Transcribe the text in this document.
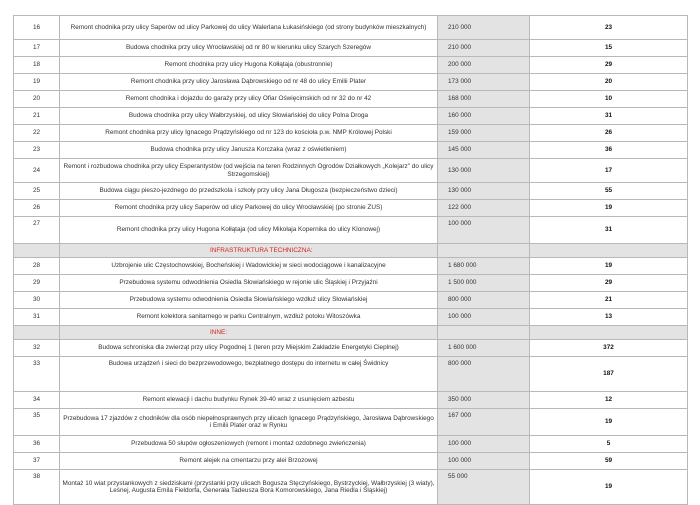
16	Remont chodnika przy ulicy Saperów od ulicy Parkowej do ulicy Walerlana Łukasińskiego (od strony budynków mieszkalnych)	210 000	23
17	Budowa chodnika przy ulicy Wrocławskiej od nr 80 w kierunku ulicy Szarych Szeregów	210 000	15
18	Remont chodnika przy ulicy Hugona Kołłątaja (obustronnie)	200 000	29
19	Remont chodnika przy ulicy Jarosława Dąbrowskiego od nr 48 do ulicy Emilii Plater	173 000	20
20	Remont chodnika i dojazdu do garaży przy ulicy Ofiar Oświęcimskich od nr 32 do nr 42	168 000	10
21	Budowa chodnika przy ulicy Wałbrzyskiej, od ulicy Słowiańskiej do ulicy Polna Droga	160 000	31
22	Remont chodnika przy ulicy Ignacego Prądzyńskiego od nr 123 do kościoła p.w. NMP Królowej Polski	159 000	26
23	Budowa chodnika przy ulicy Janusza Korczaka (wraz z oświetleniem)	145 000	36
24	Remont i rozbudowa chodnika przy ulicy Esperantystów (od wejścia na teren Rodzinnych Ogrodów Działkowych „Kolejarz" do ulicy Strzegomskiej)	130 000	17
25	Budowa ciągu pieszo-jezdnego do przedszkola i szkoły przy ulicy Jana Długosza (bezpieczeństwo dzieci)	130 000	55
26	Remont chodnika przy ulicy Saperów od ulicy Parkowej do ulicy Wrocławskiej (po stronie ZUS)	122 000	19
27	Remont chodnika przy ulicy Hugona Kołłątaja (od ulicy Mikołaja Kopernika do ulicy Klonowej)	100 000	31
	INFRASTRUKTURA TECHNICZNA:		
28	Uzbrojenie ulic Częstochowskiej, Bocheńskiej i Wadowickiej w sieci wodociągowe i kanalizacyjne	1 680 000	19
29	Przebudowa systemu odwodnienia Osiedla Słowiańskiego w rejonie ulic Śląskiej i Przyjaźni	1 500 000	29
30	Przebudowa systemu odwodnienia Osiedla Słowiańskiego wzdłuż ulicy Słowiańskiej	800 000	21
31	Remont kolektora sanitarnego w parku Centralnym, wzdłuż potoku Witoszówka	100 000	13
	INNE:		
32	Budowa schroniska dla zwierząt przy ulicy Pogodnej 1 (teren przy Miejskim Zakładzie Energetyki Cieplnej)	1 600 000	372
33	Budowa urządzeń i sieci do bezprzewodowego, bezpłatnego dostępu do internetu w całej Świdnicy	800 000	187
34	Remont elewacji i dachu budynku Rynek 39-40 wraz z usunięciem azbestu	350 000	12
35	Przebudowa 17 zjazdów z chodników dla osób niepełnosprawnych przy ulicach Ignacego Prądzyńskiego, Jarosława Dąbrowskiego i Emilii Plater oraz w Rynku	167 000	19
36	Przebudowa 50 słupów ogłoszeniowych (remont i montaż ozdobnego zwieńczenia)	100 000	5
37	Remont alejek na cmentarzu przy alei Brzozowej	100 000	59
38	Montaż 10 wiat przystankowych z siedziskami (przystanki przy ulicach Bogusza Stęczyńskiego, Bystrzyckiej, Wałbrzyskiej (3 wiaty), Leśnej, Augusta Emila Fieldorfa, Generała Tadeusza Bora Komorowskiego, Jana Riedla i Śląskiej)	55 000	19
